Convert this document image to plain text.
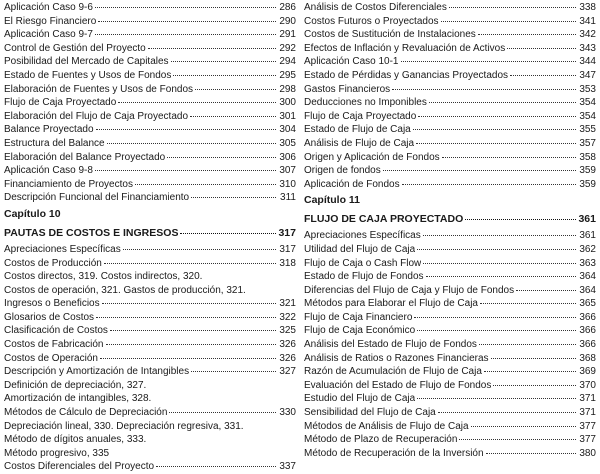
Aplicación Caso 9-6	286
El Riesgo Financiero	290
Aplicación Caso 9-7	291
Control de Gestión del Proyecto	292
Posibilidad del Mercado de Capitales	294
Estado de Fuentes y Usos de Fondos	295
Elaboración de Fuentes y Usos de Fondos	298
Flujo de Caja Proyectado	300
Elaboración del Flujo de Caja Proyectado	301
Balance Proyectado	304
Estructura del Balance	305
Elaboración del Balance Proyectado	306
Aplicación Caso 9-8	307
Financiamiento de Proyectos	310
Descripción Funcional del Financiamiento	311
Capítulo 10
PAUTAS DE COSTOS E INGRESOS	317
Apreciaciones Específicas	317
Costos de Producción	318
Costos directos, 319. Costos indirectos, 320.
Costos de operación, 321. Gastos de producción, 321.
Ingresos o Beneficios	321
Glosarios de Costos	322
Clasificación de Costos	325
Costos de Fabricación	326
Costos de Operación	326
Descripción y Amortización de Intangibles	327
Definición de depreciación, 327.
Amortización de intangibles, 328.
Métodos de Cálculo de Depreciación	330
Depreciación lineal, 330. Depreciación regresiva, 331.
Método de dígitos anuales, 333.
Método progresivo, 335
Costos Diferenciales del Proyecto	337
Análisis de Costos Diferenciales	338
Costos Futuros o Proyectados	341
Costos de Sustitución de Instalaciones	342
Efectos de Inflación y Revaluación de Activos	343
Aplicación Caso 10-1	344
Estado de Pérdidas y Ganancias Proyectados	347
Gastos Financieros	353
Deducciones no Imponibles	354
Flujo de Caja Proyectado	354
Estado de Flujo de Caja	355
Análisis de Flujo de Caja	357
Origen y Aplicación de Fondos	358
Origen de fondos	359
Aplicación de Fondos	359
Capítulo 11
FLUJO DE CAJA PROYECTADO	361
Apreciaciones Específicas	361
Utilidad del Flujo de Caja	362
Flujo de Caja o Cash Flow	363
Estado de Flujo de Fondos	364
Diferencias del Flujo de Caja y Flujo de Fondos	364
Métodos para Elaborar el Flujo de Caja	365
Flujo de Caja Financiero	366
Flujo de Caja Económico	366
Análisis del Estado de Flujo de Fondos	366
Análisis de Ratios o Razones Financieras	368
Razón de Acumulación de Flujo de Caja	369
Evaluación del Estado de Flujo de Fondos	370
Estudio del Flujo de Caja	371
Sensibilidad del Flujo de Caja	371
Métodos de Análisis de Flujo de Caja	377
Método de Plazo de Recuperación	377
Método de Recuperación de la Inversión	380
